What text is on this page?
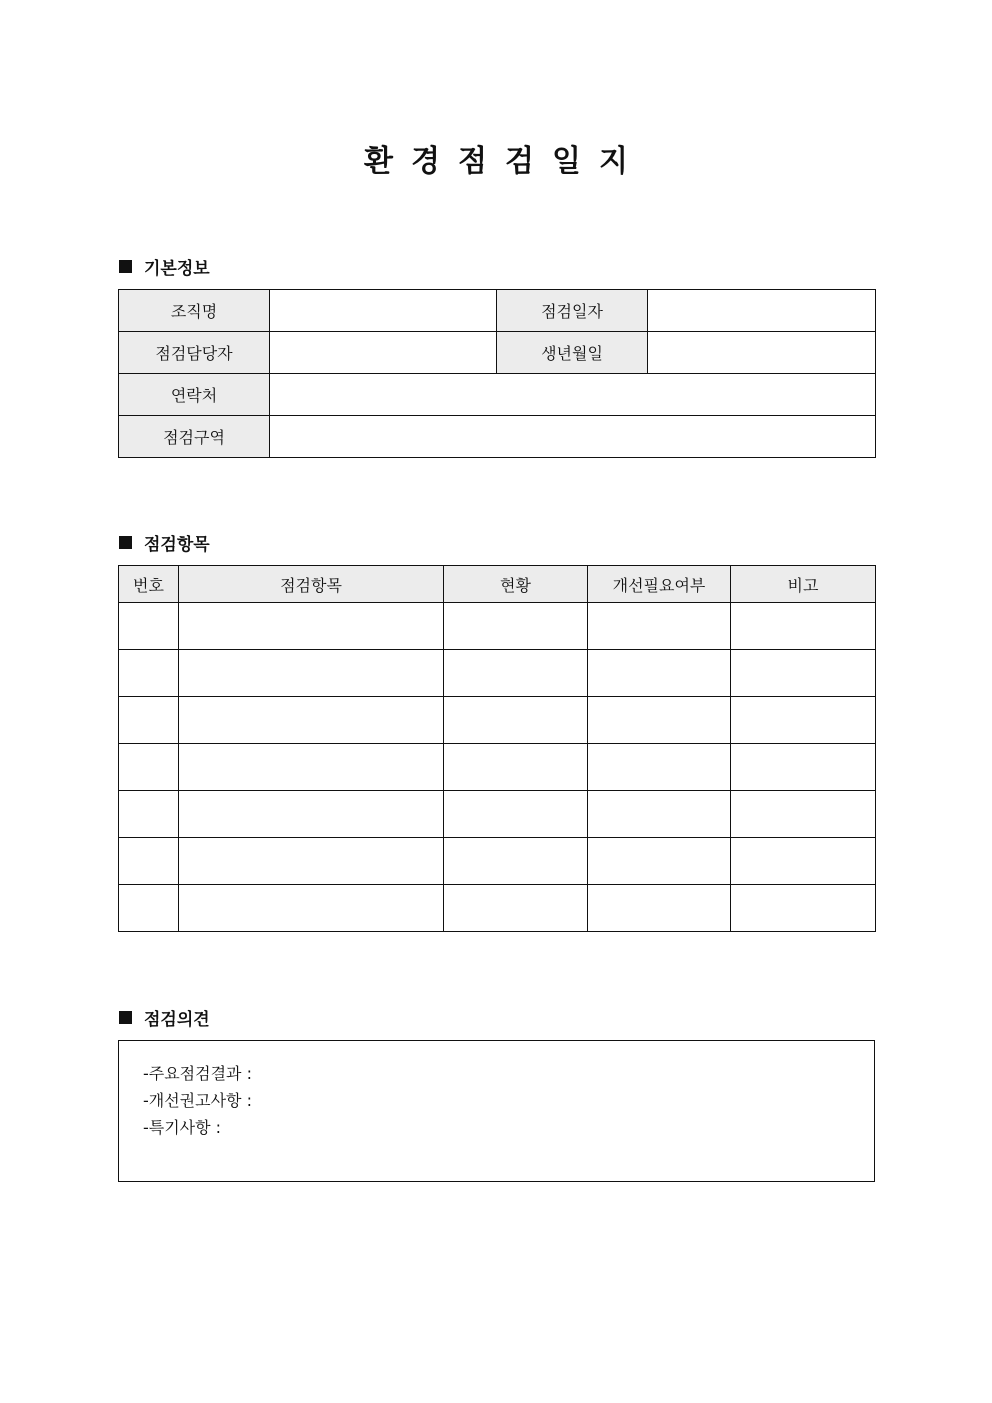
환경점검일지
기본정보
조직명		점검일자	
점검담당자		생년월일	
연락처			
점검구역			
점검항목
번호	점검항목	현황	개선필요여부	비고

점검의견
-주요점검결과 :
-개선권고사항 :
-특기사항 :
